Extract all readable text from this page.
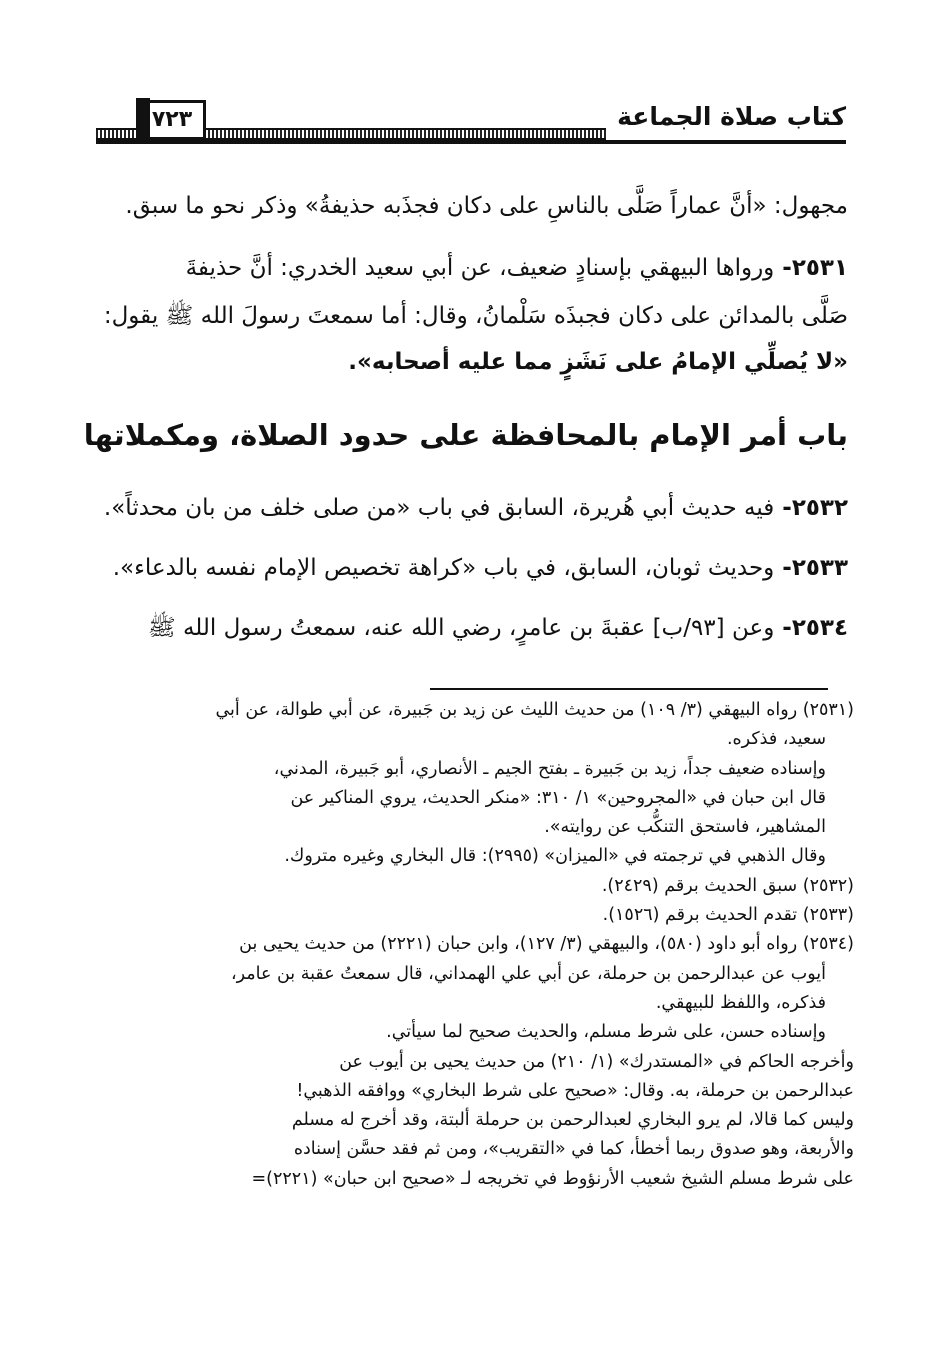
كتاب صلاة الجماعة
٧٢٣
مجهول: «أنَّ عماراً صَلَّى بالناسِ على دكان فجذَبه حذيفةُ» وذكر نحو ما سبق.
٢٥٣١-ورواها البيهقي بإسنادٍ ضعيف، عن أبي سعيد الخدري: أنَّ حذيفةَ
صَلَّى بالمدائن على دكان فجبذَه سَلْمانُ، وقال: أما سمعتَ رسولَ الله ﷺ يقول:
«لا يُصلِّي الإمامُ على نَشَزٍ مما عليه أصحابه».
باب أمر الإمام بالمحافظة على حدود الصلاة، ومكملاتها
٢٥٣٢-فيه حديث أبي هُريرة، السابق في باب «من صلى خلف من بان محدثاً».
٢٥٣٣-وحديث ثوبان، السابق، في باب «كراهة تخصيص الإمام نفسه بالدعاء».
٢٥٣٤-وعن [٩٣/ب] عقبةَ بن عامرٍ، رضي الله عنه، سمعتُ رسول الله ﷺ
(٢٥٣١) رواه البيهقي (٣/ ١٠٩) من حديث الليث عن زيد بن جَبيرة، عن أبي طوالة، عن أبي
سعيد، فذكره.
وإسناده ضعيف جداً، زيد بن جَبيرة ـ بفتح الجيم ـ الأنصاري، أبو جَبيرة، المدني،
قال ابن حبان في «المجروحين» ١/ ٣١٠: «منكر الحديث، يروي المناكير عن
المشاهير، فاستحق التنكُّب عن روايته».
وقال الذهبي في ترجمته في «الميزان» (٢٩٩٥): قال البخاري وغيره متروك.
(٢٥٣٢) سبق الحديث برقم (٢٤٢٩).
(٢٥٣٣) تقدم الحديث برقم (١٥٢٦).
(٢٥٣٤) رواه أبو داود (٥٨٠)، والبيهقي (٣/ ١٢٧)، وابن حبان (٢٢٢١) من حديث يحيى بن
أيوب عن عبدالرحمن بن حرملة، عن أبي علي الهمداني، قال سمعتُ عقبة بن عامر،
فذكره، واللفظ للبيهقي.
وإسناده حسن، على شرط مسلم، والحديث صحيح لما سيأتي.
وأخرجه الحاكم في «المستدرك» (١/ ٢١٠) من حديث يحيى بن أيوب عن
عبدالرحمن بن حرملة، به. وقال: «صحيح على شرط البخاري» ووافقه الذهبي!
وليس كما قالا، لم يرو البخاري لعبدالرحمن بن حرملة ألبتة، وقد أخرج له مسلم
والأربعة، وهو صدوق ربما أخطأ، كما في «التقريب»، ومن ثم فقد حسَّن إسناده
على شرط مسلم الشيخ شعيب الأرنؤوط في تخريجه لـ «صحيح ابن حبان» (٢٢٢١)=
